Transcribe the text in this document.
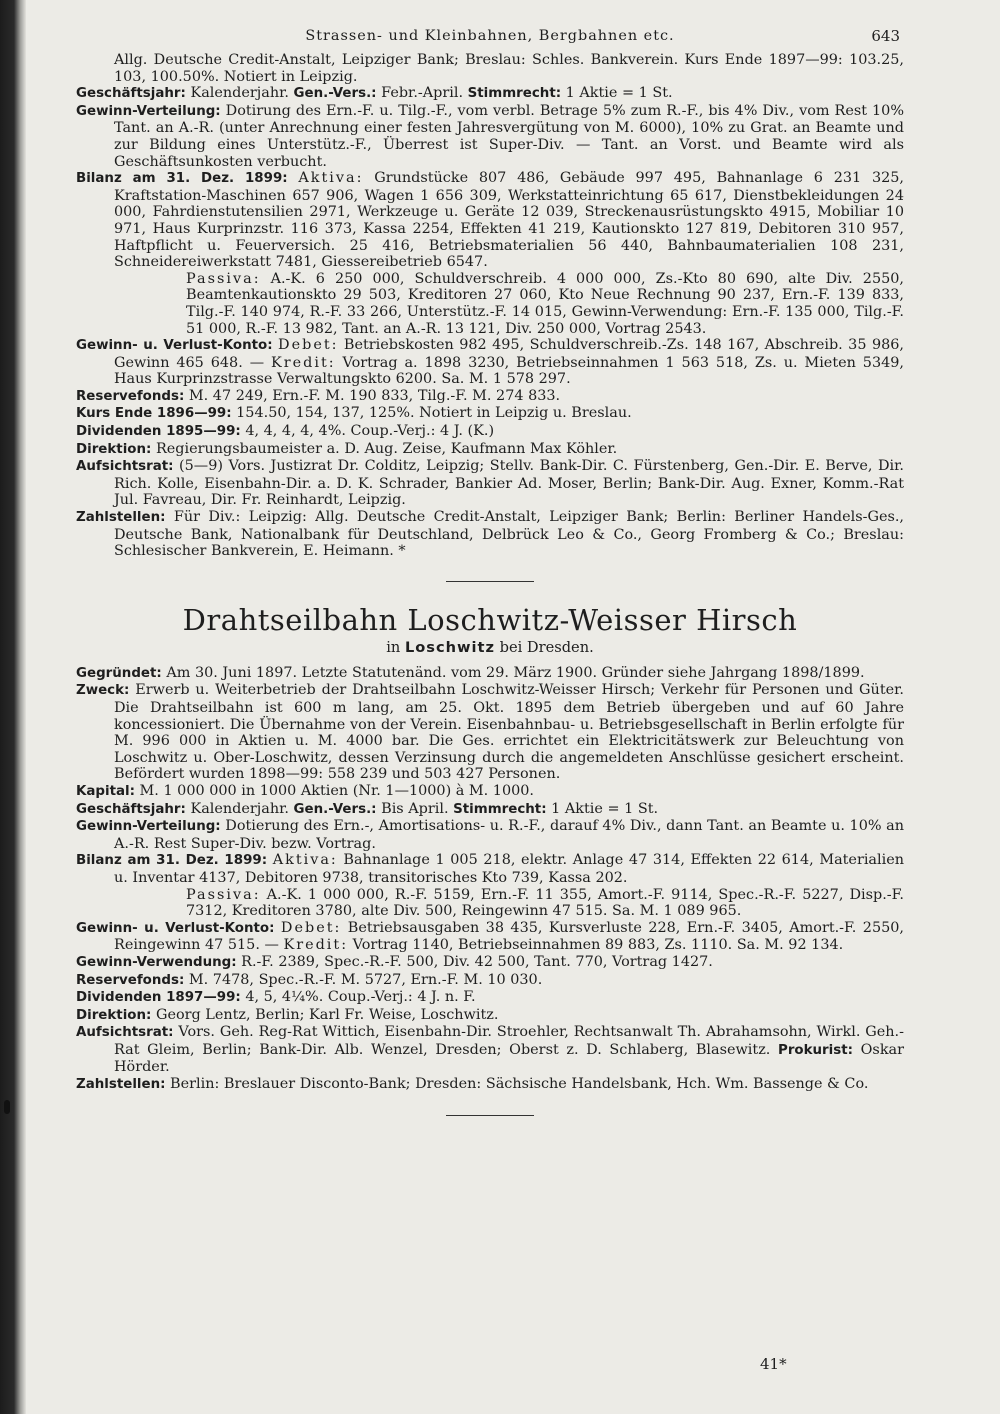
Strassen- und Kleinbahnen, Bergbahnen etc.	643

Allg. Deutsche Credit-Anstalt, Leipziger Bank; Breslau: Schles. Bankverein. Kurs Ende 1897—99: 103.25, 103, 100.50%. Notiert in Leipzig.

Geschäftsjahr: Kalenderjahr. Gen.-Vers.: Febr.-April. Stimmrecht: 1 Aktie = 1 St.

Gewinn-Verteilung: Dotirung des Ern.-F. u. Tilg.-F., vom verbl. Betrage 5% zum R.-F., bis 4% Div., vom Rest 10% Tant. an A.-R. (unter Anrechnung einer festen Jahresvergütung von M. 6000), 10% zu Grat. an Beamte und zur Bildung eines Unterstütz.-F., Überrest ist Super-Div. — Tant. an Vorst. und Beamte wird als Geschäftsunkosten verbucht.

Bilanz am 31. Dez. 1899: Aktiva: Grundstücke 807 486, Gebäude 997 495, Bahnanlage 6 231 325, Kraftstation-Maschinen 657 906, Wagen 1 656 309, Werkstatteinrichtung 65 617, Dienstbekleidungen 24 000, Fahrdienstutensilien 2971, Werkzeuge u. Geräte 12 039, Streckenausrüstungskto 4915, Mobiliar 10 971, Haus Kurprinzstr. 116 373, Kassa 2254, Effekten 41 219, Kautionskto 127 819, Debitoren 310 957, Haftpflicht u. Feuerversich. 25 416, Betriebsmaterialien 56 440, Bahnbaumaterialien 108 231, Schneidereiwerkstatt 7481, Giessereibetrieb 6547.

Passiva: A.-K. 6 250 000, Schuldverschreib. 4 000 000, Zs.-Kto 80 690, alte Div. 2550, Beamtenkautionskto 29 503, Kreditoren 27 060, Kto Neue Rechnung 90 237, Ern.-F. 139 833, Tilg.-F. 140 974, R.-F. 33 266, Unterstütz.-F. 14 015, Gewinn-Verwendung: Ern.-F. 135 000, Tilg.-F. 51 000, R.-F. 13 982, Tant. an A.-R. 13 121, Div. 250 000, Vortrag 2543.

Gewinn- u. Verlust-Konto: Debet: Betriebskosten 982 495, Schuldverschreib.-Zs. 148 167, Abschreib. 35 986, Gewinn 465 648. — Kredit: Vortrag a. 1898 3230, Betriebseinnahmen 1 563 518, Zs. u. Mieten 5349, Haus Kurprinzstrasse Verwaltungskto 6200. Sa. M. 1 578 297.

Reservefonds: M. 47 249, Ern.-F. M. 190 833, Tilg.-F. M. 274 833.

Kurs Ende 1896—99: 154.50, 154, 137, 125%. Notiert in Leipzig u. Breslau.

Dividenden 1895—99: 4, 4, 4, 4, 4%. Coup.-Verj.: 4 J. (K.)

Direktion: Regierungsbaumeister a. D. Aug. Zeise, Kaufmann Max Köhler.

Aufsichtsrat: (5—9) Vors. Justizrat Dr. Colditz, Leipzig; Stellv. Bank-Dir. C. Fürstenberg, Gen.-Dir. E. Berve, Dir. Rich. Kolle, Eisenbahn-Dir. a. D. K. Schrader, Bankier Ad. Moser, Berlin; Bank-Dir. Aug. Exner, Komm.-Rat Jul. Favreau, Dir. Fr. Reinhardt, Leipzig.

Zahlstellen: Für Div.: Leipzig: Allg. Deutsche Credit-Anstalt, Leipziger Bank; Berlin: Berliner Handels-Ges., Deutsche Bank, Nationalbank für Deutschland, Delbrück Leo & Co., Georg Fromberg & Co.; Breslau: Schlesischer Bankverein, E. Heimann. *

Drahtseilbahn Loschwitz-Weisser Hirsch
in Loschwitz bei Dresden.

Gegründet: Am 30. Juni 1897. Letzte Statutenänd. vom 29. März 1900. Gründer siehe Jahrgang 1898/1899.

Zweck: Erwerb u. Weiterbetrieb der Drahtseilbahn Loschwitz-Weisser Hirsch; Verkehr für Personen und Güter. Die Drahtseilbahn ist 600 m lang, am 25. Okt. 1895 dem Betrieb übergeben und auf 60 Jahre koncessioniert. Die Übernahme von der Verein. Eisenbahnbau- u. Betriebsgesellschaft in Berlin erfolgte für M. 996 000 in Aktien u. M. 4000 bar. Die Ges. errichtet ein Elektricitätswerk zur Beleuchtung von Loschwitz u. Ober-Loschwitz, dessen Verzinsung durch die angemeldeten Anschlüsse gesichert erscheint. Befördert wurden 1898—99: 558 239 und 503 427 Personen.

Kapital: M. 1 000 000 in 1000 Aktien (Nr. 1—1000) à M. 1000.

Geschäftsjahr: Kalenderjahr. Gen.-Vers.: Bis April. Stimmrecht: 1 Aktie = 1 St.

Gewinn-Verteilung: Dotierung des Ern.-, Amortisations- u. R.-F., darauf 4% Div., dann Tant. an Beamte u. 10% an A.-R. Rest Super-Div. bezw. Vortrag.

Bilanz am 31. Dez. 1899: Aktiva: Bahnanlage 1 005 218, elektr. Anlage 47 314, Effekten 22 614, Materialien u. Inventar 4137, Debitoren 9738, transitorisches Kto 739, Kassa 202.

Passiva: A.-K. 1 000 000, R.-F. 5159, Ern.-F. 11 355, Amort.-F. 9114, Spec.-R.-F. 5227, Disp.-F. 7312, Kreditoren 3780, alte Div. 500, Reingewinn 47 515. Sa. M. 1 089 965.

Gewinn- u. Verlust-Konto: Debet: Betriebsausgaben 38 435, Kursverluste 228, Ern.-F. 3405, Amort.-F. 2550, Reingewinn 47 515. — Kredit: Vortrag 1140, Betriebseinnahmen 89 883, Zs. 1110. Sa. M. 92 134.

Gewinn-Verwendung: R.-F. 2389, Spec.-R.-F. 500, Div. 42 500, Tant. 770, Vortrag 1427.

Reservefonds: M. 7478, Spec.-R.-F. M. 5727, Ern.-F. M. 10 030.

Dividenden 1897—99: 4, 5, 4¼%. Coup.-Verj.: 4 J. n. F.

Direktion: Georg Lentz, Berlin; Karl Fr. Weise, Loschwitz.

Aufsichtsrat: Vors. Geh. Reg-Rat Wittich, Eisenbahn-Dir. Stroehler, Rechtsanwalt Th. Abrahamsohn, Wirkl. Geh.-Rat Gleim, Berlin; Bank-Dir. Alb. Wenzel, Dresden; Oberst z. D. Schlaberg, Blasewitz. Prokurist: Oskar Hörder.

Zahlstellen: Berlin: Breslauer Disconto-Bank; Dresden: Sächsische Handelsbank, Hch. Wm. Bassenge & Co.

41*
